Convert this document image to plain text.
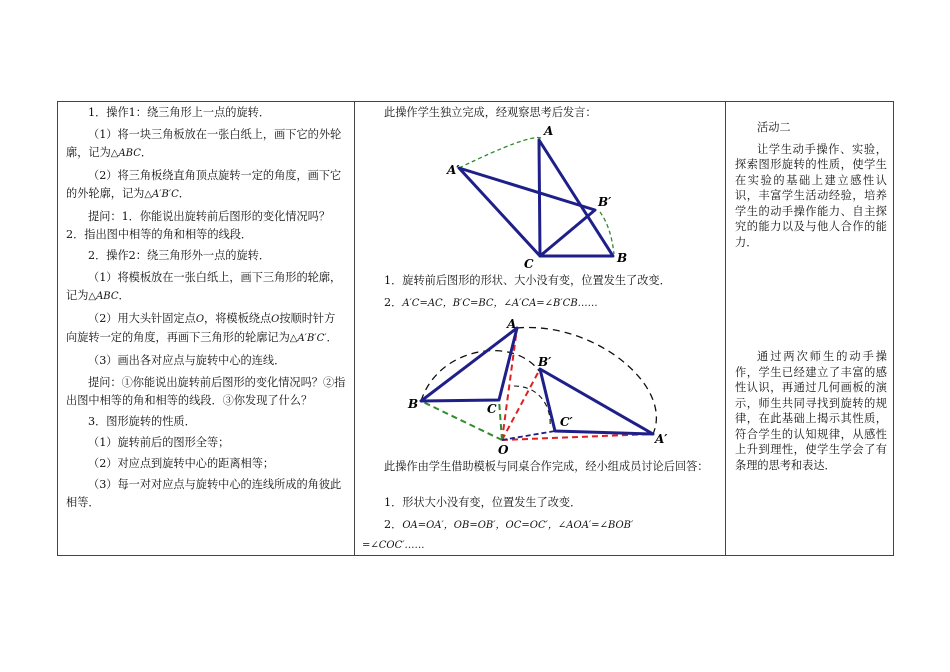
1．操作1：绕三角形上一点的旋转．

（1）将一块三角板放在一张白纸上，画下它的外轮廓，记为△ABC．

（2）将三角板绕直角顶点旋转一定的角度，画下它的外轮廓，记为△A′B′C．

提问：1．你能说出旋转前后图形的变化情况吗？2．指出图中相等的角和相等的线段．

2．操作2：绕三角形外一点的旋转．

（1）将模板放在一张白纸上，画下三角形的轮廓，记为△ABC．

（2）用大头针固定点O，将模板绕点O按顺时针方向旋转一定的角度，再画下三角形的轮廓记为△A′B′C′．

（3）画出各对应点与旋转中心的连线．

提问：①你能说出旋转前后图形的变化情况吗？②指出图中相等的角和相等的线段．③你发现了什么？

3．图形旋转的性质．

（1）旋转前后的图形全等；

（2）对应点到旋转中心的距离相等；

（3）每一对对应点与旋转中心的连线所成的角彼此相等．

此操作学生独立完成，经观察思考后发言：

A
A′
B′
C	B

1．旋转前后图形的形状、大小没有变，位置发生了改变．

2．A′C=AC，B′C=BC，∠A′CA=∠B′CB……

A
B′
B	C
C′
A′
O

此操作由学生借助模板与同桌合作完成，经小组成员讨论后回答：

1．形状大小没有变，位置发生了改变．

2．OA=OA′，OB=OB′，OC=OC′，∠AOA′=∠BOB′

=∠COC′……

活动二

让学生动手操作、实验，探索图形旋转的性质，使学生在实验的基础上建立感性认识，丰富学生活动经验，培养学生的动手操作能力、自主探究的能力以及与他人合作的能力．

通过两次师生的动手操作，学生已经建立了丰富的感性认识，再通过几何画板的演示，师生共同寻找到旋转的规律，在此基础上揭示其性质，符合学生的认知规律，从感性上升到理性，使学生学会了有条理的思考和表达．
